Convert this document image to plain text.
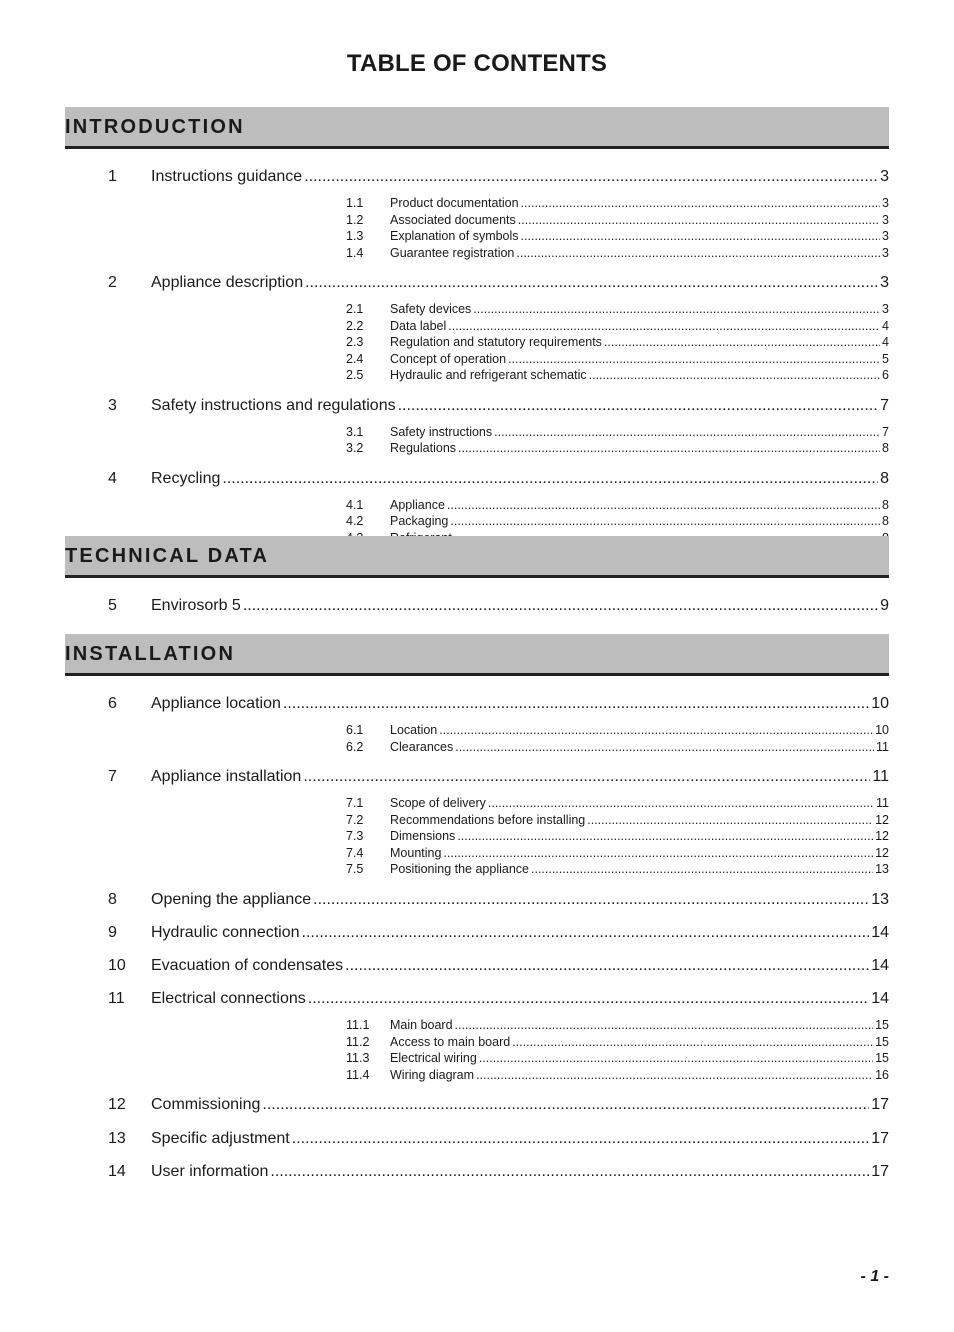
TABLE OF CONTENTS
INTRODUCTION
1	Instructions guidance .....	3
1.1	Product documentation .....	3
1.2	Associated documents .....	3
1.3	Explanation of symbols .....	3
1.4	Guarantee registration .....	3
2	Appliance description .....	3
2.1	Safety devices .....	3
2.2	Data label .....	4
2.3	Regulation and statutory requirements .....	4
2.4	Concept of operation .....	5
2.5	Hydraulic and refrigerant schematic .....	6
3	Safety instructions and regulations .....	7
3.1	Safety instructions .....	7
3.2	Regulations .....	8
4	Recycling .....	8
4.1	Appliance .....	8
4.2	Packaging .....	8
.....
TECHNICAL DATA
5	Envirosorb 5 .....	9
INSTALLATION
6	Appliance location .....	10
6.1	Location .....	10
6.2	Clearances .....	11
7	Appliance installation .....	11
7.1	Scope of delivery .....	11
7.2	Recommendations before installing .....	12
7.3	Dimensions .....	12
7.4	Mounting .....	12
7.5	Positioning the appliance .....	13
8	Opening the appliance .....	13
9	Hydraulic connection .....	14
10	Evacuation of condensates .....	14
11	Electrical connections .....	14
11.1	Main board .....	15
11.2	Access to main board .....	15
11.3	Electrical wiring .....	15
11.4	Wiring diagram .....	16
12	Commissioning .....	17
13	Specific adjustment .....	17
14	User information .....	17
- 1 -
